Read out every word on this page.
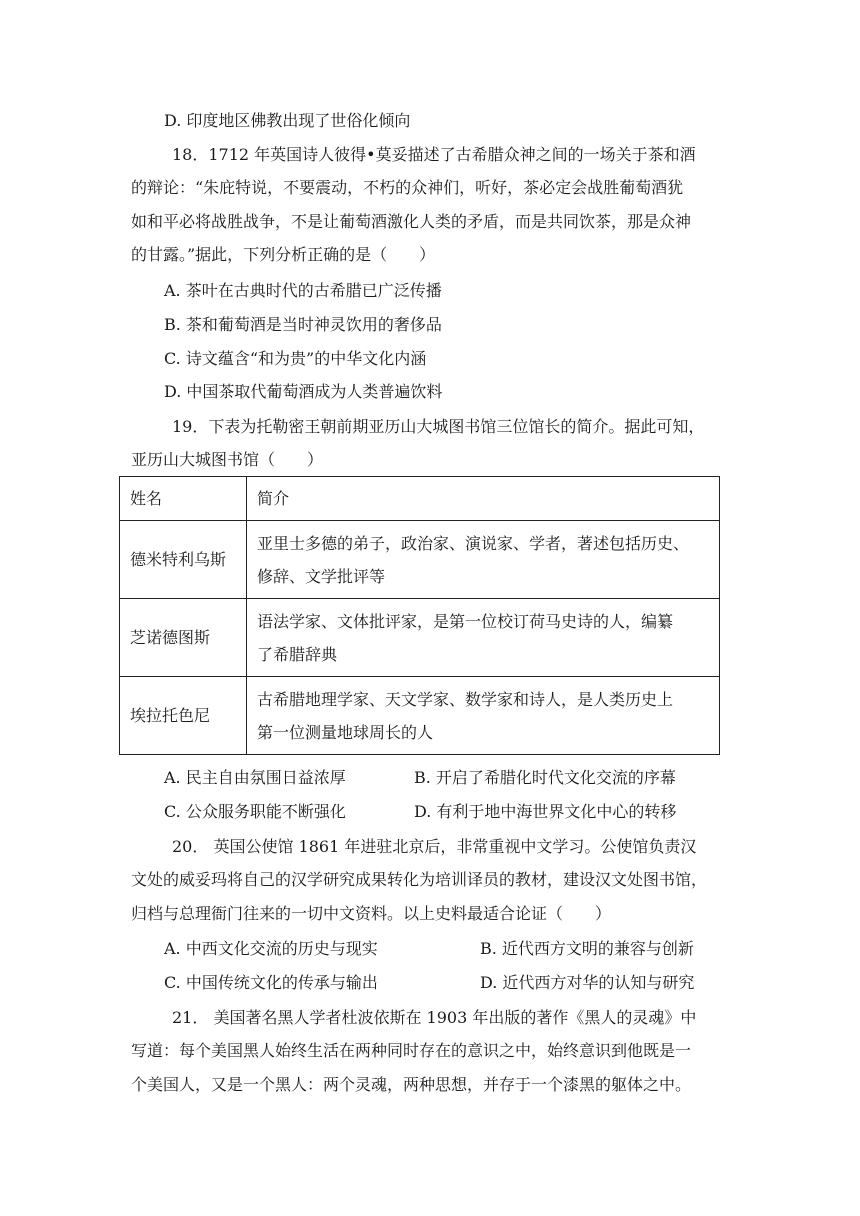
D. 印度地区佛教出现了世俗化倾向
18．1712 年英国诗人彼得•莫妥描述了古希腊众神之间的一场关于茶和酒
的辩论：“朱庇特说，不要震动，不朽的众神们，听好，茶必定会战胜葡萄酒犹
如和平必将战胜战争，不是让葡萄酒激化人类的矛盾，而是共同饮茶，那是众神
的甘露。”据此，下列分析正确的是（　　）
A. 茶叶在古典时代的古希腊已广泛传播
B. 茶和葡萄酒是当时神灵饮用的奢侈品
C. 诗文蕴含“和为贵”的中华文化内涵
D. 中国茶取代葡萄酒成为人类普遍饮料
19．下表为托勒密王朝前期亚历山大城图书馆三位馆长的简介。据此可知，
亚历山大城图书馆（　　）
姓名	简介
德米特利乌斯	亚里士多德的弟子，政治家、演说家、学者，著述包括历史、
修辞、文学批评等

芝诺德图斯	语法学家、文体批评家，是第一位校订荷马史诗的人，编纂
了希腊辞典

埃拉托色尼	古希腊地理学家、天文学家、数学家和诗人，是人类历史上
第一位测量地球周长的人
A. 民主自由氛围日益浓厚	B. 开启了希腊化时代文化交流的序幕
C. 公众服务职能不断强化	D. 有利于地中海世界文化中心的转移
20． 英国公使馆 1861 年进驻北京后，非常重视中文学习。公使馆负责汉
文处的威妥玛将自己的汉学研究成果转化为培训译员的教材，建设汉文处图书馆，
归档与总理衙门往来的一切中文资料。以上史料最适合论证（　　）
A. 中西文化交流的历史与现实	B. 近代西方文明的兼容与创新
C. 中国传统文化的传承与输出	D. 近代西方对华的认知与研究
21． 美国著名黑人学者杜波依斯在 1903 年出版的著作《黑人的灵魂》中
写道：每个美国黑人始终生活在两种同时存在的意识之中，始终意识到他既是一
个美国人，又是一个黑人：两个灵魂，两种思想，并存于一个漆黑的躯体之中。
